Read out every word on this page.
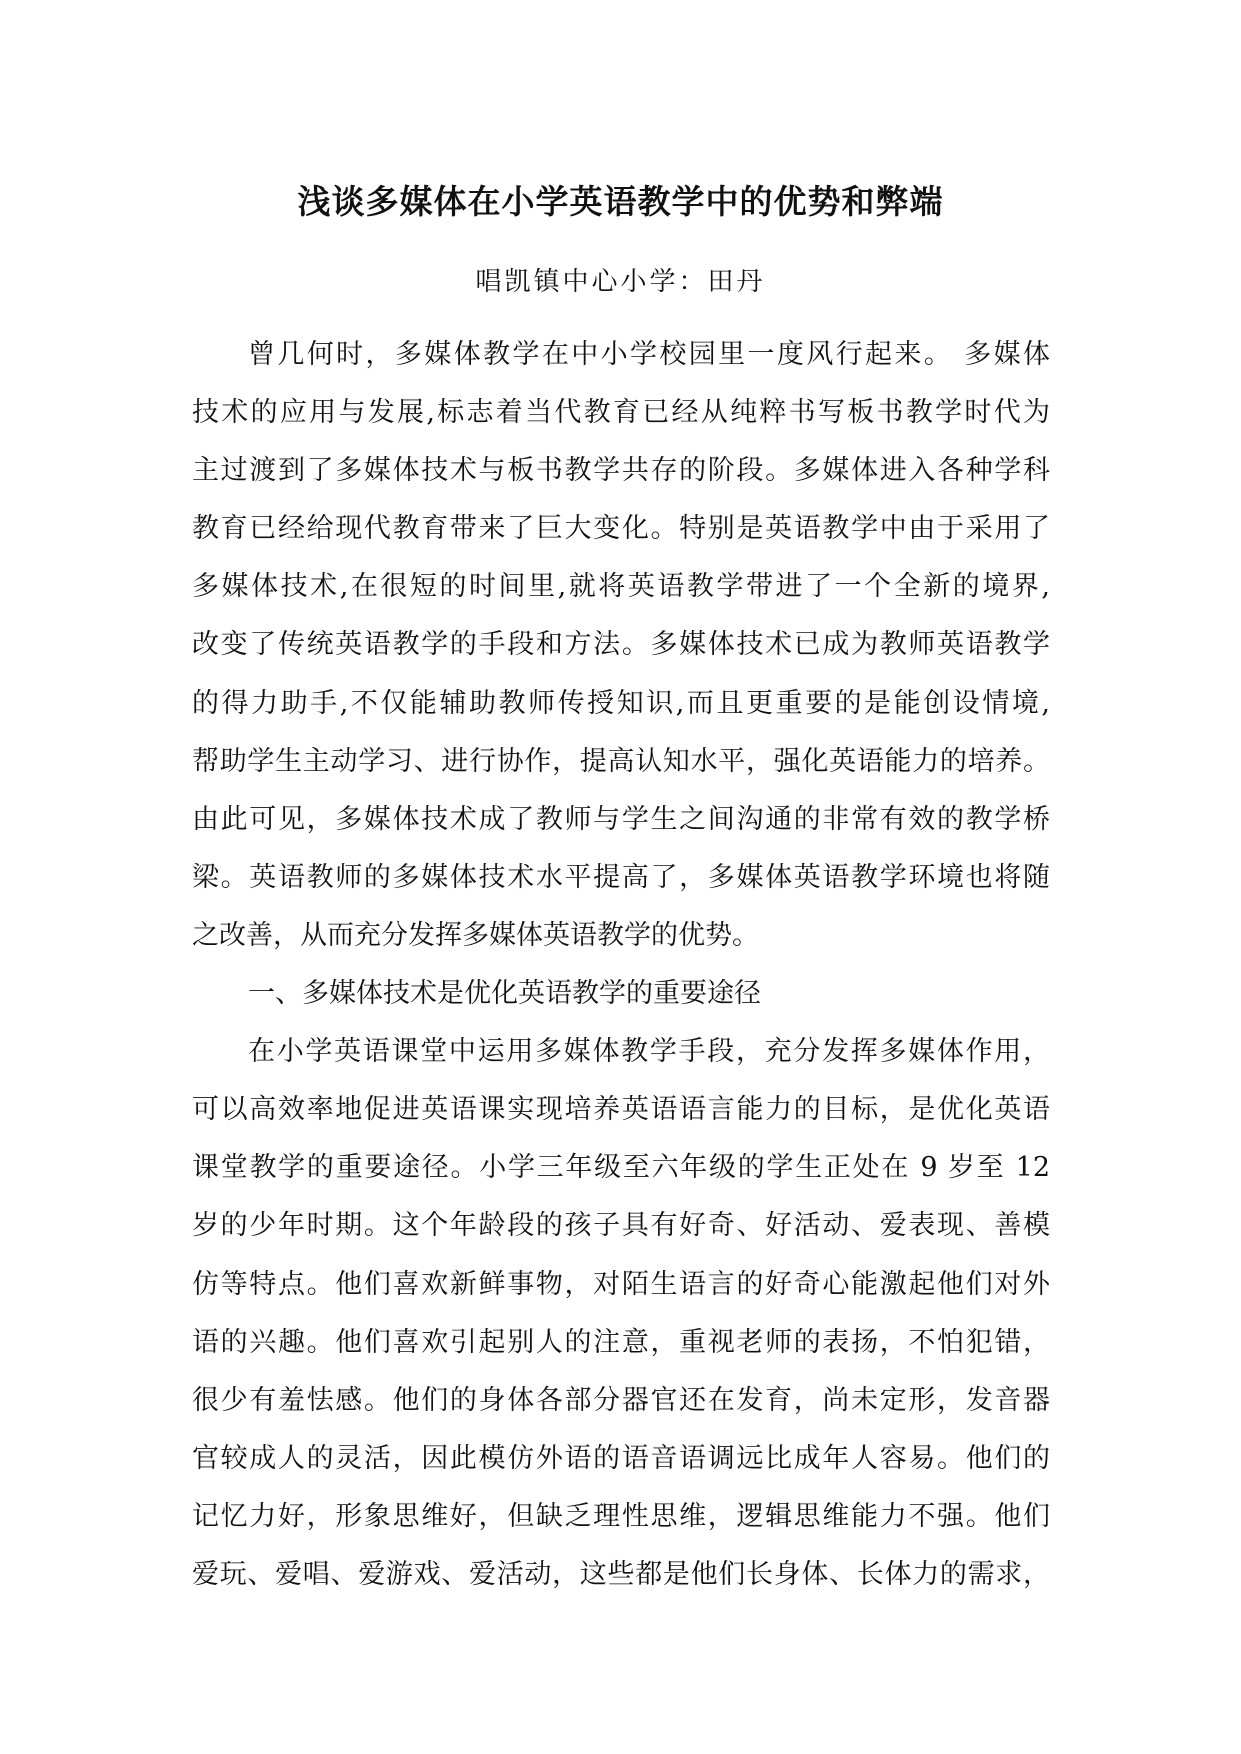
浅谈多媒体在小学英语教学中的优势和弊端
唱凯镇中心小学：田丹
曾几何时，多媒体教学在中小学校园里一度风行起来。 多媒体
技术的应用与发展,标志着当代教育已经从纯粹书写板书教学时代为
主过渡到了多媒体技术与板书教学共存的阶段。多媒体进入各种学科
教育已经给现代教育带来了巨大变化。特别是英语教学中由于采用了
多媒体技术,在很短的时间里,就将英语教学带进了一个全新的境界,
改变了传统英语教学的手段和方法。多媒体技术已成为教师英语教学
的得力助手,不仅能辅助教师传授知识,而且更重要的是能创设情境,
帮助学生主动学习、进行协作，提高认知水平，强化英语能力的培养。
由此可见，多媒体技术成了教师与学生之间沟通的非常有效的教学桥
梁。英语教师的多媒体技术水平提高了，多媒体英语教学环境也将随
之改善，从而充分发挥多媒体英语教学的优势。
一、多媒体技术是优化英语教学的重要途径
在小学英语课堂中运用多媒体教学手段，充分发挥多媒体作用，
可以高效率地促进英语课实现培养英语语言能力的目标，是优化英语
课堂教学的重要途径。小学三年级至六年级的学生正处在 9 岁至 12
岁的少年时期。这个年龄段的孩子具有好奇、好活动、爱表现、善模
仿等特点。他们喜欢新鲜事物，对陌生语言的好奇心能激起他们对外
语的兴趣。他们喜欢引起别人的注意，重视老师的表扬，不怕犯错，
很少有羞怯感。他们的身体各部分器官还在发育，尚未定形，发音器
官较成人的灵活，因此模仿外语的语音语调远比成年人容易。他们的
记忆力好，形象思维好，但缺乏理性思维，逻辑思维能力不强。他们
爱玩、爱唱、爱游戏、爱活动，这些都是他们长身体、长体力的需求，
